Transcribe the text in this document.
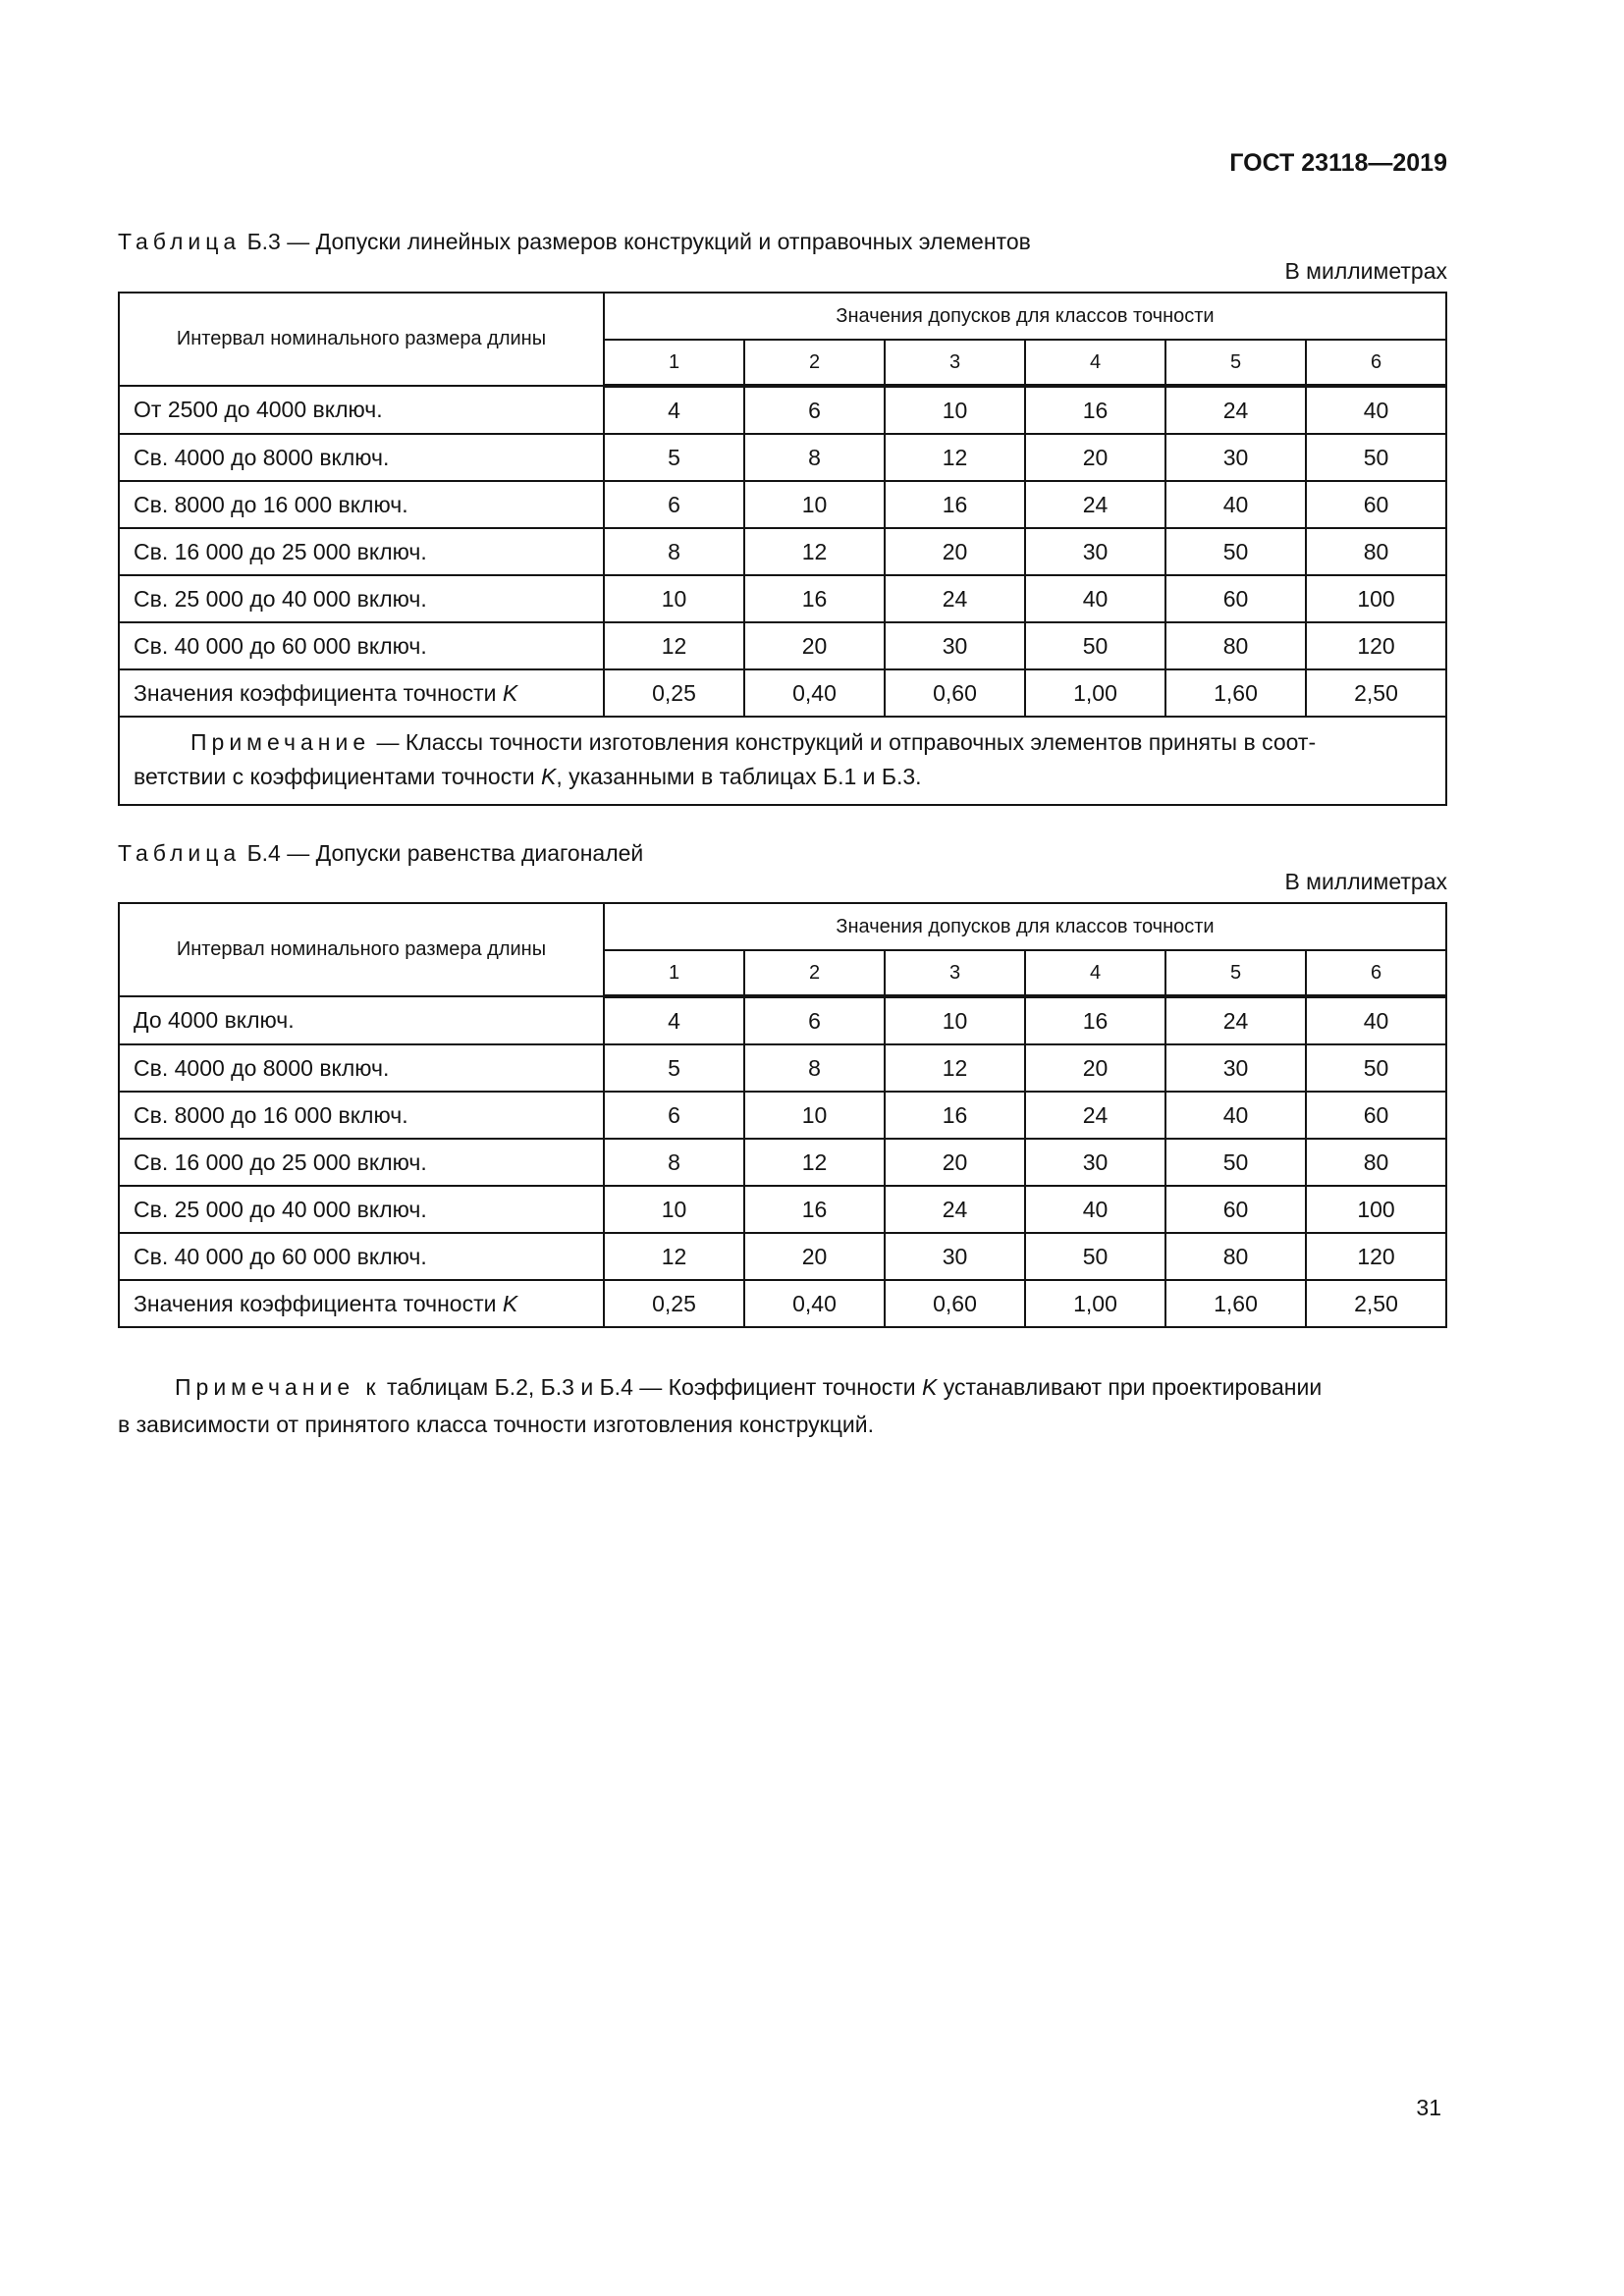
ГОСТ 23118—2019
Таблица Б.3 — Допуски линейных размеров конструкций и отправочных элементов
В миллиметрах
Интервал номинального размера длины	Значения допусков для классов точности					
	1	2	3	4	5	6
От 2500 до 4000 включ.	4	6	10	16	24	40
Св. 4000 до 8000 включ.	5	8	12	20	30	50
Св. 8000 до 16 000 включ.	6	10	16	24	40	60
Св. 16 000 до 25 000 включ.	8	12	20	30	50	80
Св. 25 000 до 40 000 включ.	10	16	24	40	60	100
Св. 40 000 до 60 000 включ.	12	20	30	50	80	120
Значения коэффициента точности K	0,25	0,40	0,60	1,00	1,60	2,50
Примечание — Классы точности изготовления конструкций и отправочных элементов приняты в соот-
ветствии с коэффициентами точности K, указанными в таблицах Б.1 и Б.3.						
Таблица Б.4 — Допуски равенства диагоналей
В миллиметрах
Интервал номинального размера длины	Значения допусков для классов точности					
	1	2	3	4	5	6
До 4000 включ.	4	6	10	16	24	40
Св. 4000 до 8000 включ.	5	8	12	20	30	50
Св. 8000 до 16 000 включ.	6	10	16	24	40	60
Св. 16 000 до 25 000 включ.	8	12	20	30	50	80
Св. 25 000 до 40 000 включ.	10	16	24	40	60	100
Св. 40 000 до 60 000 включ.	12	20	30	50	80	120
Значения коэффициента точности K	0,25	0,40	0,60	1,00	1,60	2,50
Примечание к таблицам Б.2, Б.3 и Б.4 — Коэффициент точности K устанавливают при проектировании
в зависимости от принятого класса точности изготовления конструкций.
31
